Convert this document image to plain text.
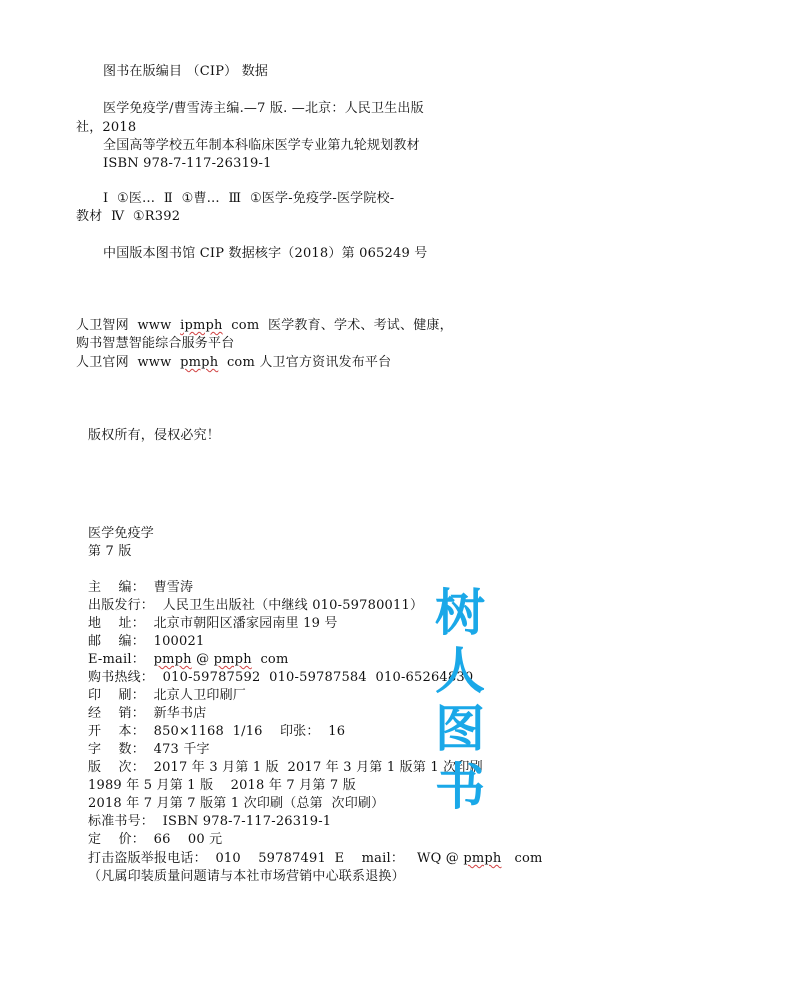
图书在版编目 （CIP） 数据
医学免疫学/曹雪涛主编.—7 版. —北京：人民卫生出版
社，2018
全国高等学校五年制本科临床医学专业第九轮规划教材
ISBN 978-7-117-26319-1
Ⅰ  ①医…  Ⅱ  ①曹…  Ⅲ  ①医学-免疫学-医学院校-
教材  Ⅳ  ①R392
中国版本图书馆 CIP 数据核字（2018）第 065249 号
人卫智网  www  ipmph  com  医学教育、学术、考试、健康，
购书智慧智能综合服务平台
人卫官网  www  pmph  com 人卫官方资讯发布平台
版权所有，侵权必究！
医学免疫学
第 7 版
主    编：  曹雪涛
出版发行：  人民卫生出版社（中继线 010-59780011）
地    址：  北京市朝阳区潘家园南里 19 号
邮    编：  100021
E-mail：  pmph @ pmph  com
购书热线：  010-59787592  010-59787584  010-65264830
印    刷：  北京人卫印刷厂
经    销：  新华书店
开    本：  850×1168  1/16    印张：  16
字    数：  473 千字
版    次：  2017 年 3 月第 1 版  2017 年 3 月第 1 版第 1 次印刷
1989 年 5 月第 1 版    2018 年 7 月第 7 版
2018 年 7 月第 7 版第 1 次印刷（总第  次印刷）
标准书号：  ISBN 978-7-117-26319-1
定    价：  66    00 元
打击盗版举报电话：  010    59787491  E    mail：   WQ @ pmph   com
（凡属印装质量问题请与本社市场营销中心联系退换）
树
人
图
书
